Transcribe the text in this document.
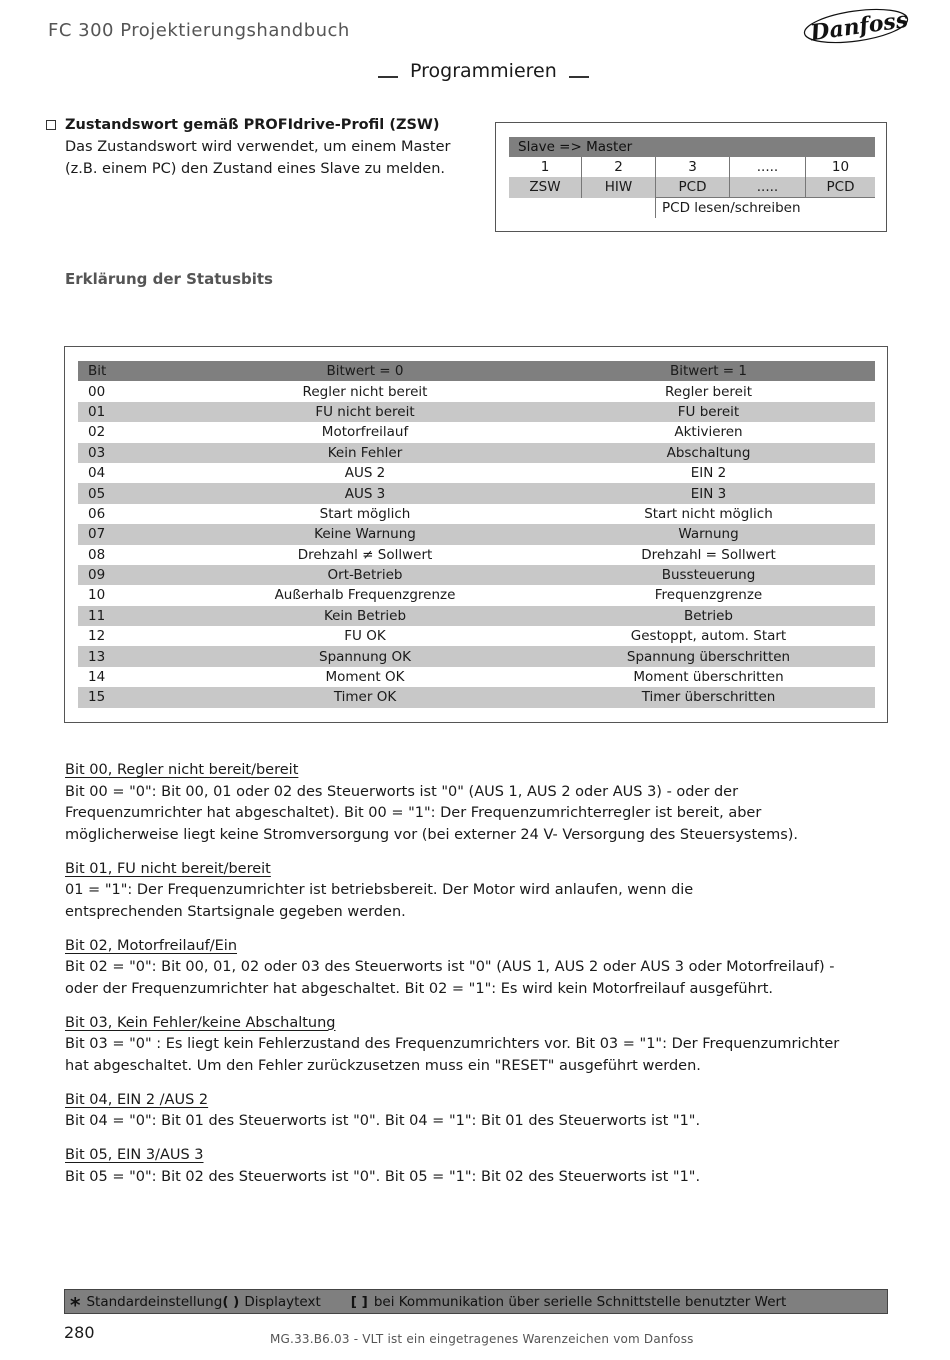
FC 300 Projektierungshandbuch	Danfoss
Programmieren
Zustandswort gemäß PROFIdrive-Profil (ZSW)
Das Zustandswort wird verwendet, um einem Master
(z.B. einem PC) den Zustand eines Slave zu melden.
Slave => Master				
1	2	3	.....	10
ZSW	HIW	PCD	.....	PCD
		PCD lesen/schreiben		
Erklärung der Statusbits
Bit	Bitwert = 0	Bitwert = 1
00	Regler nicht bereit	Regler bereit
01	FU nicht bereit	FU bereit
02	Motorfreilauf	Aktivieren
03	Kein Fehler	Abschaltung
04	AUS 2	EIN 2
05	AUS 3	EIN 3
06	Start möglich	Start nicht möglich
07	Keine Warnung	Warnung
08	Drehzahl ≠ Sollwert	Drehzahl = Sollwert
09	Ort-Betrieb	Bussteuerung
10	Außerhalb Frequenzgrenze	Frequenzgrenze
11	Kein Betrieb	Betrieb
12	FU OK	Gestoppt, autom. Start
13	Spannung OK	Spannung überschritten
14	Moment OK	Moment überschritten
15	Timer OK	Timer überschritten
Bit 00, Regler nicht bereit/bereit
Bit 00 = "0": Bit 00, 01 oder 02 des Steuerworts ist "0" (AUS 1, AUS 2 oder AUS 3) - oder der
Frequenzumrichter hat abgeschaltet). Bit 00 = "1": Der Frequenzumrichterregler ist bereit, aber
möglicherweise liegt keine Stromversorgung vor (bei externer 24 V- Versorgung des Steuersystems).
Bit 01, FU nicht bereit/bereit
01 = "1": Der Frequenzumrichter ist betriebsbereit. Der Motor wird anlaufen, wenn die
entsprechenden Startsignale gegeben werden.
Bit 02, Motorfreilauf/Ein
Bit 02 = "0": Bit 00, 01, 02 oder 03 des Steuerworts ist "0" (AUS 1, AUS 2 oder AUS 3 oder Motorfreilauf) -
oder der Frequenzumrichter hat abgeschaltet. Bit 02 = "1": Es wird kein Motorfreilauf ausgeführt.
Bit 03, Kein Fehler/keine Abschaltung
Bit 03 = "0" : Es liegt kein Fehlerzustand des Frequenzumrichters vor. Bit 03 = "1": Der Frequenzumrichter
hat abgeschaltet. Um den Fehler zurückzusetzen muss ein "RESET" ausgeführt werden.
Bit 04, EIN 2 /AUS 2
Bit 04 = "0": Bit 01 des Steuerworts ist "0". Bit 04 = "1": Bit 01 des Steuerworts ist "1".
Bit 05, EIN 3/AUS 3
Bit 05 = "0": Bit 02 des Steuerworts ist "0". Bit 05 = "1": Bit 02 des Steuerworts ist "1".
* Standardeinstellung ( ) Displaytext [ ] bei Kommunikation über serielle Schnittstelle benutzter Wert
280	MG.33.B6.03 - VLT ist ein eingetragenes Warenzeichen vom Danfoss
